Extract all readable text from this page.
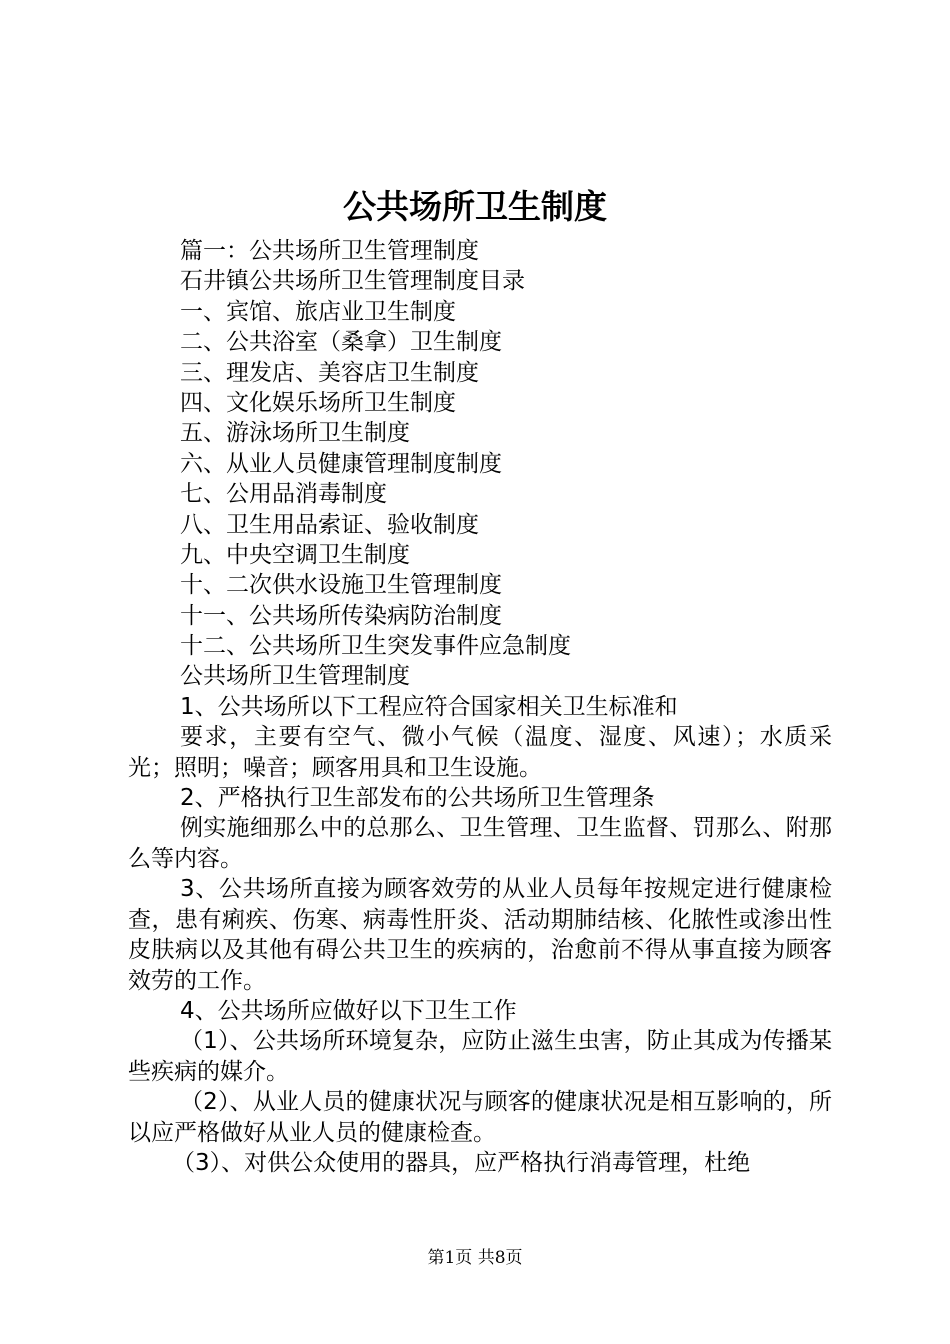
公共场所卫生制度
篇一：公共场所卫生管理制度
石井镇公共场所卫生管理制度目录
一、宾馆、旅店业卫生制度
二、公共浴室（桑拿）卫生制度
三、理发店、美容店卫生制度
四、文化娱乐场所卫生制度
五、游泳场所卫生制度
六、从业人员健康管理制度制度
七、公用品消毒制度
八、卫生用品索证、验收制度
九、中央空调卫生制度
十、二次供水设施卫生管理制度
十一、公共场所传染病防治制度
十二、公共场所卫生突发事件应急制度
公共场所卫生管理制度
1、公共场所以下工程应符合国家相关卫生标准和
要求，主要有空气、微小气候（温度、湿度、风速）；水质采光；照明；噪音；顾客用具和卫生设施。
2、严格执行卫生部发布的公共场所卫生管理条
例实施细那么中的总那么、卫生管理、卫生监督、罚那么、附那么等内容。
3、公共场所直接为顾客效劳的从业人员每年按规定进行健康检查，患有痢疾、伤寒、病毒性肝炎、活动期肺结核、化脓性或渗出性皮肤病以及其他有碍公共卫生的疾病的，治愈前不得从事直接为顾客效劳的工作。
4、公共场所应做好以下卫生工作
（1）、公共场所环境复杂，应防止滋生虫害，防止其成为传播某些疾病的媒介。
（2）、从业人员的健康状况与顾客的健康状况是相互影响的，所以应严格做好从业人员的健康检查。
（3）、对供公众使用的器具，应严格执行消毒管理，杜绝
第1页 共8页
